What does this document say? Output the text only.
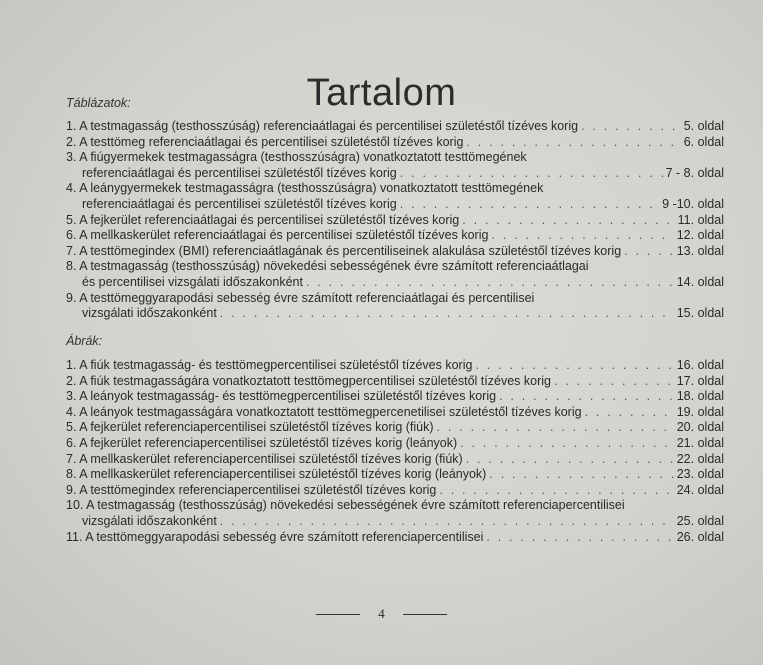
Tartalom
Táblázatok:
1. A testmagasság (testhosszúság) referenciaátlagai és percentilisei születéstől tízéves korig . . .	5. oldal
2. A testtömeg referenciaátlagai és percentilisei születéstől tízéves korig . . .	6. oldal
3. A fiúgyermekek testmagasságra (testhosszúságra) vonatkoztatott testtömegének
referenciaátlagai és percentilisei születéstől tízéves korig . . .	7 - 8. oldal
4. A leánygyermekek testmagasságra (testhosszúságra) vonatkoztatott testtömegének
referenciaátlagai és percentilisei születéstől tízéves korig . . .	9 -10. oldal
5. A fejkerület referenciaátlagai és percentilisei születéstől tízéves korig . . .	11. oldal
6. A mellkaskerület referenciaátlagai és percentilisei születéstől tízéves korig . . .	12. oldal
7. A testtömegindex (BMI) referenciaátlagának és percentiliseinek alakulása születéstől tízéves korig . . .	13. oldal
8. A testmagasság (testhosszúság) növekedési sebességének évre számított referenciaátlagai
és percentilisei vizsgálati időszakonként . . .	14. oldal
9. A testtömeggyarapodási sebesség évre számított referenciaátlagai és percentilisei
vizsgálati időszakonként . . .	15. oldal
Ábrák:
1. A fiúk testmagasság- és testtömegpercentilisei születéstől tízéves korig . . .	16. oldal
2. A fiúk testmagasságára vonatkoztatott testtömegpercentilisei születéstől tízéves korig . . .	17. oldal
3. A leányok testmagasság- és testtömegpercentilisei születéstől tízéves korig . . .	18. oldal
4. A leányok testmagasságára vonatkoztatott testtömegpercenetilisei születéstől tízéves korig . . .	19. oldal
5. A fejkerület referenciapercentilisei születéstől tízéves korig (fiúk) . . .	20. oldal
6. A fejkerület referenciapercentilisei születéstől tízéves korig (leányok) . . .	21. oldal
7. A mellkaskerület referenciapercentilisei születéstől tízéves korig (fiúk) . . .	22. oldal
8. A mellkaskerület referenciapercentilisei születéstől tízéves korig (leányok) . . .	23. oldal
9. A testtömegindex referenciapercentilisei születéstől tízéves korig . . .	24. oldal
10. A testmagasság (testhosszúság) növekedési sebességének évre számított referenciapercentilisei
vizsgálati időszakonként . . .	25. oldal
11. A testtömeggyarapodási sebesség évre számított referenciapercentilisei . . .	26. oldal
4
